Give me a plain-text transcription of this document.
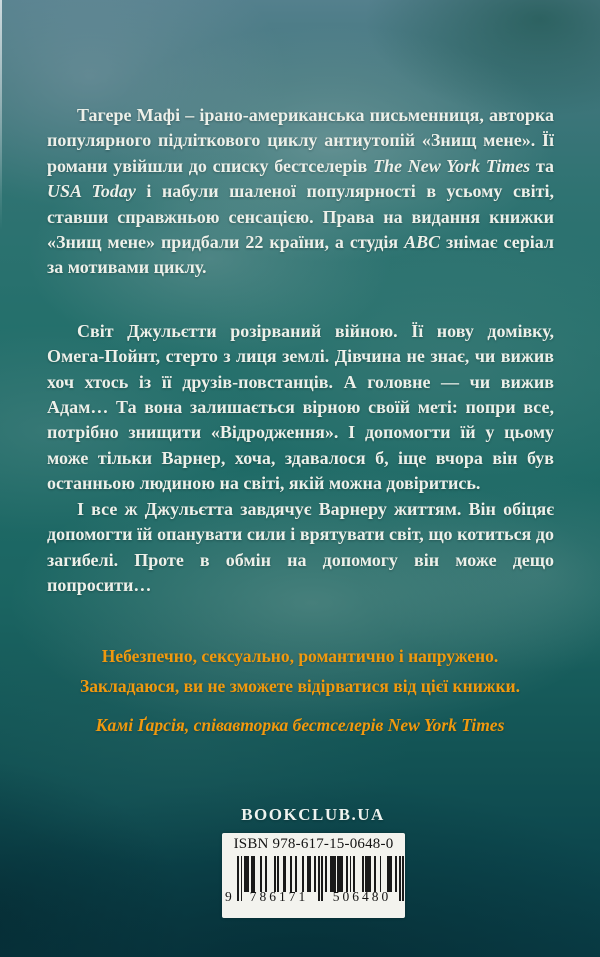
Тагере Мафі – ірано-американська письменниця, авторка популярного підліткового циклу антиутопій «Знищ мене». Її романи увійшли до списку бестселерів The New York Times та USA Today і набули шаленої популярності в усьому світі, ставши справжньою сенсацією. Права на видання книжки «Знищ мене» придбали 22 країни, а студія ABC знімає серіал за мотивами циклу.

Світ Джульєтти розірваний війною. Її нову домівку, Омега-Пойнт, стерто з лиця землі. Дівчина не знає, чи вижив хоч хтось із її друзів-повстанців. А головне — чи вижив Адам… Та вона залишається вірною своїй меті: попри все, потрібно знищити «Відродження». І допомогти їй у цьому може тільки Варнер, хоча, здавалося б, іще вчора він був останньою людиною на світі, якій можна довіритись.

І все ж Джульєтта завдячує Варнеру життям. Він обіцяє допомогти їй опанувати сили і врятувати світ, що котиться до загибелі. Проте в обмін на допомогу він може дещо попросити…

Небезпечно, сексуально, романтично і напружено.
Закладаюся, ви не зможете відірватися від цієї книжки.
Камі Ґарсія, співавторка бестселерів New York Times
BOOKCLUB.UA
ISBN 978-617-15-0648-0
9	786171	506480
